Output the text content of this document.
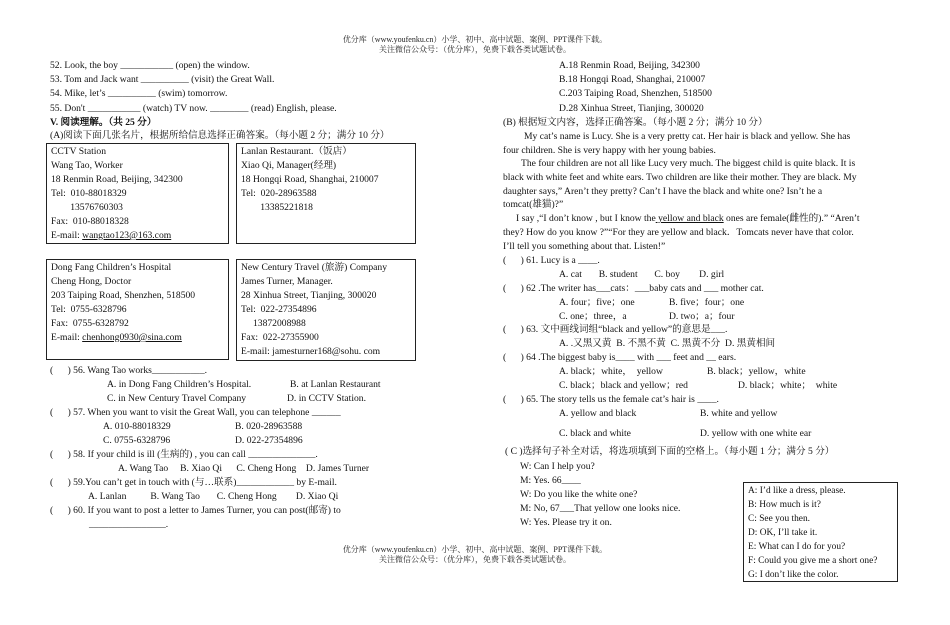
优分库（www.youfenku.cn）小学、初中、高中试题、案例、PPT课件下载。
关注微信公众号：（优分库），免费下载各类试题试卷。
52. Look, the boy ___________ (open) the window.
53. Tom and Jack want __________ (visit) the Great Wall.
54. Mike, let’s __________ (swim) tomorrow.
55. Don't ___________ (watch) TV now. ________ (read) English, please.
V. 阅读理解。（共 25 分）
(A)阅读下面几张名片，根据所给信息选择正确答案。（每小题 2 分；满分 10 分）
CCTV Station
Wang Tao, Worker
18 Renmin Road, Beijing, 342300
Tel:  010-88018329
13576760303
Fax:  010-88018328
E-mail: wangtao123@163.com
Lanlan Restaurant.（饭店）
Xiao Qi, Manager(经理)
18 Hongqi Road, Shanghai, 210007
Tel:  020-28963588
13385221818
Dong Fang Children’s Hospital
Cheng Hong, Doctor
203 Taiping Road, Shenzhen, 518500
Tel:  0755-6328796
Fax:  0755-6328792
E-mail: chenhong0930@sina.com
New Century Travel (旅游) Company
James Turner, Manager.
28 Xinhua Street, Tianjing, 300020
Tel:  022-27354896
13872008988
Fax:  022-27355900
E-mail: jamesturner168@sohu. com
(      ) 56. Wang Tao works___________.
A. in Dong Fang Children’s Hospital.	B. at Lanlan Restaurant
C. in New Century Travel Company	D. in CCTV Station.
(      ) 57. When you want to visit the Great Wall, you can telephone ______
A. 010-88018329	B. 020-28963588
C. 0755-6328796	D. 022-27354896
(      ) 58. If your child is ill (生病的) , you can call ______________.
A. Wang Tao     B. Xiao Qi      C. Cheng Hong    D. James Turner
(      ) 59.You can’t get in touch with (与…联系)____________ by E-mail.
A. Lanlan          B. Wang Tao       C. Cheng Hong        D. Xiao Qi
(      ) 60. If you want to post a letter to James Turner, you can post(邮寄) to
________________.
A.18 Renmin Road, Beijing, 342300
B.18 Hongqi Road, Shanghai, 210007
C.203 Taiping Road, Shenzhen, 518500
D.28 Xinhua Street, Tianjing, 300020
(B) 根据短文内容，选择正确答案。（每小题 2 分；满分 10 分）
My cat’s name is Lucy. She is a very pretty cat. Her hair is black and yellow. She has
four children. She is very happy with her young babies.
The four children are not all like Lucy very much. The biggest child is quite black. It is
black with white feet and white ears. Two children are like their mother. They are black. My
daughter says,” Aren’t they pretty? Can’t I have the black and white one? Isn’t he a
tomcat(雄猫)?”
I say ,“I don’t know , but I know the yellow and black ones are female(雌性的).” “Aren’t
they? How do you know ?”“For they are yellow and black．Tomcats never have that color.
I’ll tell you something about that. Listen!”
(      ) 61. Lucy is a ____.
A. cat       B. student       C. boy        D. girl
(      ) 62 .The writer has___cats：___baby cats and ___ mother cat.
A. four；five；one	B. five；four；one
C. one；three，a	D. two；a；four
(      ) 63. 文中画线词组“black and yellow”的意思是___.
A. .又黑又黄  B. 不黑不黄  C. 黑黄不分  D. 黑黄相间
(      ) 64 .The biggest baby is____ with ___ feet and __ ears.
A. black；white，  yellow	B. black；yellow，white
C. black；black and yellow；red	D. black；white；  white
(      ) 65. The story tells us the female cat’s hair is ____.
A. yellow and black	B. white and yellow
C. black and white	D. yellow with one white ear
( C )选择句子补全对话，将选项填到下面的空格上。（每小题 1 分；满分 5 分）
W: Can I help you?
M: Yes. 66____
W: Do you like the white one?
M: No, 67___That yellow one looks nice.
W: Yes. Please try it on.
A: I’d like a dress, please.
B: How much is it?
C: See you then.
D: OK, I’ll take it.
E: What can I do for you?
F: Could you give me a short one?
G: I don’t like the color.
优分库（www.youfenku.cn）小学、初中、高中试题、案例、PPT课件下载。
关注微信公众号：（优分库），免费下载各类试题试卷。
